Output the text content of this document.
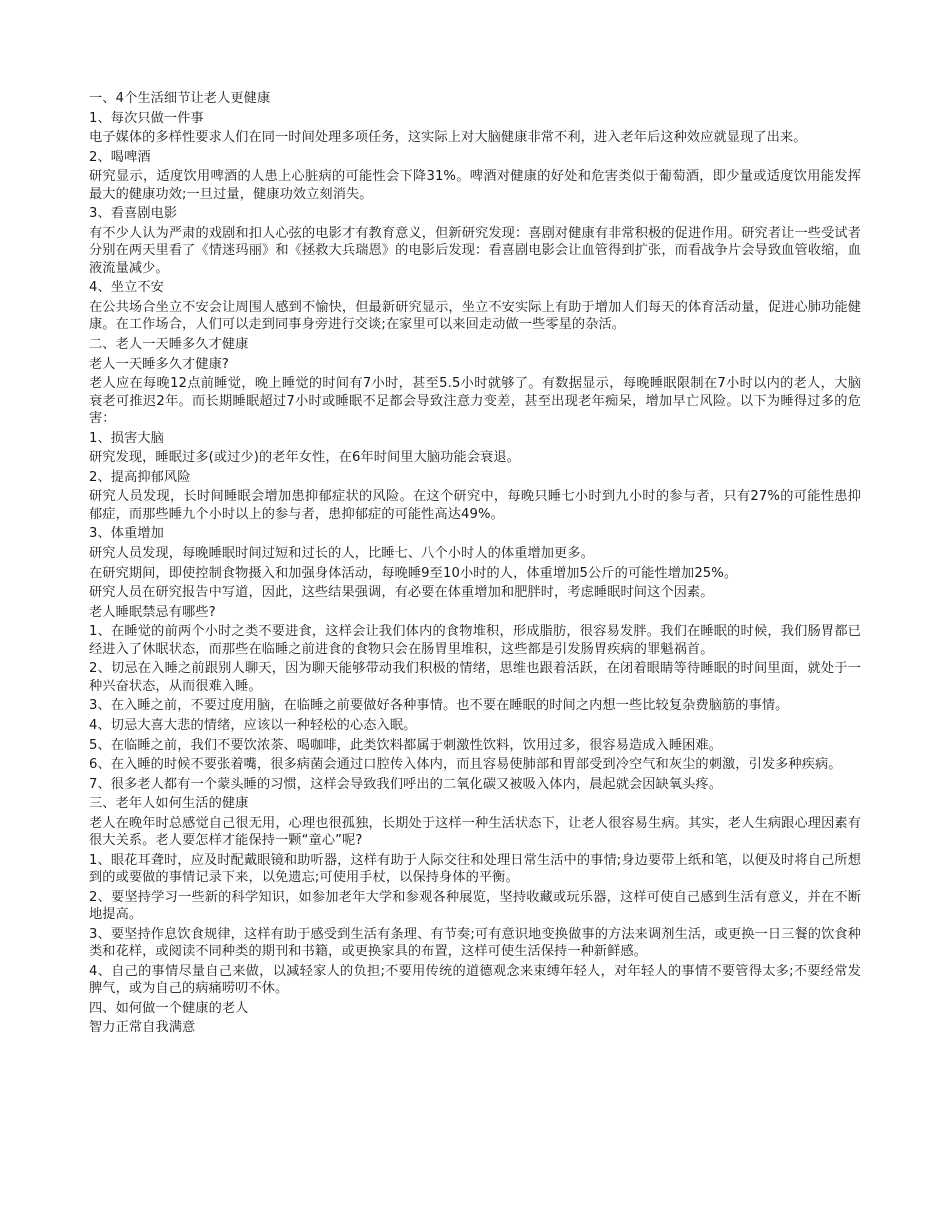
一、4个生活细节让老人更健康

1、每次只做一件事

电子媒体的多样性要求人们在同一时间处理多项任务，这实际上对大脑健康非常不利，进入老年后这种效应就显现了出来。

2、喝啤酒

研究显示，适度饮用啤酒的人患上心脏病的可能性会下降31%。啤酒对健康的好处和危害类似于葡萄酒，即少量或适度饮用能发挥最大的健康功效;一旦过量，健康功效立刻消失。

3、看喜剧电影

有不少人认为严肃的戏剧和扣人心弦的电影才有教育意义，但新研究发现：喜剧对健康有非常积极的促进作用。研究者让一些受试者分别在两天里看了《情迷玛丽》和《拯救大兵瑞恩》的电影后发现：看喜剧电影会让血管得到扩张，而看战争片会导致血管收缩，血液流量减少。

4、坐立不安

在公共场合坐立不安会让周围人感到不愉快，但最新研究显示，坐立不安实际上有助于增加人们每天的体育活动量，促进心肺功能健康。在工作场合，人们可以走到同事身旁进行交谈;在家里可以来回走动做一些零星的杂活。

二、老人一天睡多久才健康

老人一天睡多久才健康?

老人应在每晚12点前睡觉，晚上睡觉的时间有7小时，甚至5.5小时就够了。有数据显示，每晚睡眠限制在7小时以内的老人，大脑衰老可推迟2年。而长期睡眠超过7小时或睡眠不足都会导致注意力变差，甚至出现老年痴呆，增加早亡风险。以下为睡得过多的危害：

1、损害大脑

研究发现，睡眠过多(或过少)的老年女性，在6年时间里大脑功能会衰退。

2、提高抑郁风险

研究人员发现，长时间睡眠会增加患抑郁症状的风险。在这个研究中，每晚只睡七小时到九小时的参与者，只有27%的可能性患抑郁症，而那些睡九个小时以上的参与者，患抑郁症的可能性高达49%。

3、体重增加

研究人员发现，每晚睡眠时间过短和过长的人，比睡七、八个小时人的体重增加更多。

在研究期间，即使控制食物摄入和加强身体活动，每晚睡9至10小时的人，体重增加5公斤的可能性增加25%。

研究人员在研究报告中写道，因此，这些结果强调，有必要在体重增加和肥胖时，考虑睡眠时间这个因素。

老人睡眠禁忌有哪些?

1、在睡觉的前两个小时之类不要进食，这样会让我们体内的食物堆积，形成脂肪，很容易发胖。我们在睡眠的时候，我们肠胃都已经进入了休眠状态，而那些在临睡之前进食的食物只会在肠胃里堆积，这些都是引发肠胃疾病的罪魁祸首。

2、切忌在入睡之前跟别人聊天，因为聊天能够带动我们积极的情绪，思维也跟着活跃，在闭着眼睛等待睡眠的时间里面，就处于一种兴奋状态，从而很难入睡。

3、在入睡之前，不要过度用脑，在临睡之前要做好各种事情。也不要在睡眠的时间之内想一些比较复杂费脑筋的事情。

4、切忌大喜大悲的情绪，应该以一种轻松的心态入眠。

5、在临睡之前，我们不要饮浓茶、喝咖啡，此类饮料都属于刺激性饮料，饮用过多，很容易造成入睡困难。

6、在入睡的时候不要张着嘴，很多病菌会通过口腔传入体内，而且容易使肺部和胃部受到冷空气和灰尘的刺激，引发多种疾病。

7、很多老人都有一个蒙头睡的习惯，这样会导致我们呼出的二氧化碳又被吸入体内，晨起就会因缺氧头疼。

三、老年人如何生活的健康

老人在晚年时总感觉自己很无用，心理也很孤独，长期处于这样一种生活状态下，让老人很容易生病。其实，老人生病跟心理因素有很大关系。老人要怎样才能保持一颗“童心”呢?

1、眼花耳聋时，应及时配戴眼镜和助听器，这样有助于人际交往和处理日常生活中的事情;身边要带上纸和笔，以便及时将自己所想到的或要做的事情记录下来，以免遗忘;可使用手杖，以保持身体的平衡。

2、要坚持学习一些新的科学知识，如参加老年大学和参观各种展览，坚持收藏或玩乐器，这样可使自己感到生活有意义，并在不断地提高。

3、要坚持作息饮食规律，这样有助于感受到生活有条理、有节奏;可有意识地变换做事的方法来调剂生活，或更换一日三餐的饮食种类和花样，或阅读不同种类的期刊和书籍，或更换家具的布置，这样可使生活保持一种新鲜感。

4、自己的事情尽量自己来做，以减轻家人的负担;不要用传统的道德观念来束缚年轻人，对年轻人的事情不要管得太多;不要经常发脾气，或为自己的病痛唠叨不休。

四、如何做一个健康的老人

智力正常自我满意
